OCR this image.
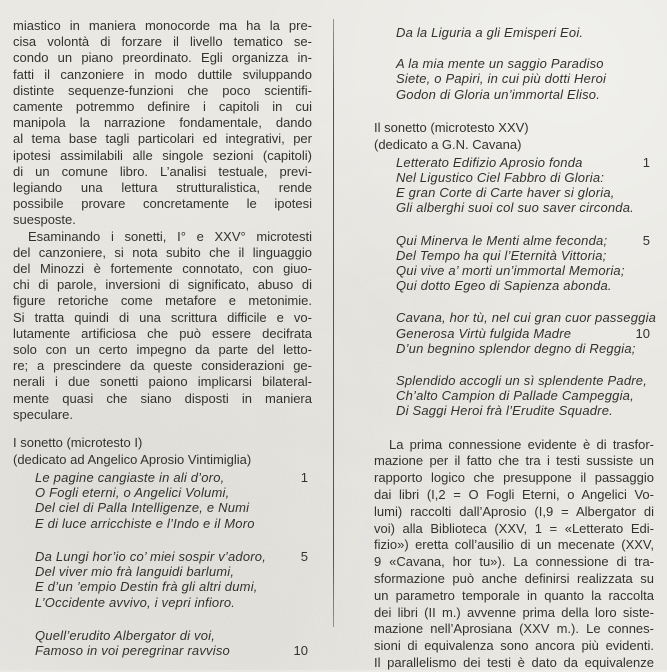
miastico in maniera monocorde ma ha la pre-
cisa volontà di forzare il livello tematico se-
condo un piano preordinato. Egli organizza in-
fatti il canzoniere in modo duttile sviluppando
distinte sequenze-funzioni che poco scientifi-
camente potremmo definire i capitoli in cui
manipola la narrazione fondamentale, dando
al tema base tagli particolari ed integrativi, per
ipotesi assimilabili alle singole sezioni (capitoli)
di un comune libro. L’analisi testuale, previ-
legiando una lettura strutturalistica, rende
possibile provare concretamente le ipotesi
suesposte.
Esaminando i sonetti, I° e XXV° microtesti
del canzoniere, si nota subito che il linguaggio
del Minozzi è fortemente connotato, con giuo-
chi di parole, inversioni di significato, abuso di
figure retoriche come metafore e metonimie.
Si tratta quindi di una scrittura difficile e vo-
lutamente artificiosa che può essere decifrata
solo con un certo impegno da parte del letto-
re; a prescindere da queste considerazioni ge-
nerali i due sonetti paiono implicarsi bilateral-
mente quasi che siano disposti in maniera
speculare.
I sonetto (microtesto I)
(dedicato ad Angelico Aprosio Vintimiglia)
Le pagine cangiaste in ali d’oro,	1
O Fogli eterni, o Angelici Volumi,
Del ciel di Palla Intelligenze, e Numi
E di luce arricchiste e l’Indo e il Moro
Da Lungi hor’io co’ miei sospir v’adoro,	5
Del viver mio frà languidi barlumi,
E d’un ’empio Destin frà gli altri dumi,
L’Occidente avvivo, i vepri infioro.
Quell’erudito Albergator di voi,
Famoso in voi peregrinar ravviso	10
Da la Liguria a gli Emisperi Eoi.
A la mia mente un saggio Paradiso
Siete, o Papiri, in cui più dotti Heroi
Godon di Gloria un’immortal Eliso.
Il sonetto (microtesto XXV)
(dedicato a G.N. Cavana)
Letterato Edifizio Aprosio fonda	1
Nel Ligustico Ciel Fabbro di Gloria:
E gran Corte di Carte haver si gloria,
Gli alberghi suoi col suo saver circonda.
Qui Minerva le Menti alme feconda;	5
Del Tempo ha qui l’Eternità Vittoria;
Qui vive a’ morti un’immortal Memoria;
Qui dotto Egeo di Sapienza abonda.
Cavana, hor tù, nel cui gran cuor passeggia
Generosa Virtù fulgida Madre	10
D’un begnino splendor degno di Reggia;
Splendido accogli un sì splendente Padre,
Ch’alto Campion di Pallade Campeggia,
Di Saggi Heroi frà l’Erudite Squadre.
La prima connessione evidente è di trasfor-
mazione per il fatto che tra i testi sussiste un
rapporto logico che presuppone il passaggio
dai libri (I,2 = O Fogli Eterni, o Angelici Vo-
lumi) raccolti dall’Aprosio (I,9 = Albergator di
voi) alla Biblioteca (XXV, 1 = «Letterato Edi-
fizio») eretta coll’ausilio di un mecenate (XXV,
9 «Cavana, hor tu»). La connessione di tra-
sformazione può anche definirsi realizzata su
un parametro temporale in quanto la raccolta
dei libri (II m.) avvenne prima della loro siste-
mazione nell’Aprosiana (XXV m.). Le connes-
sioni di equivalenza sono ancora più evidenti.
Il parallelismo dei testi è dato da equivalenze
